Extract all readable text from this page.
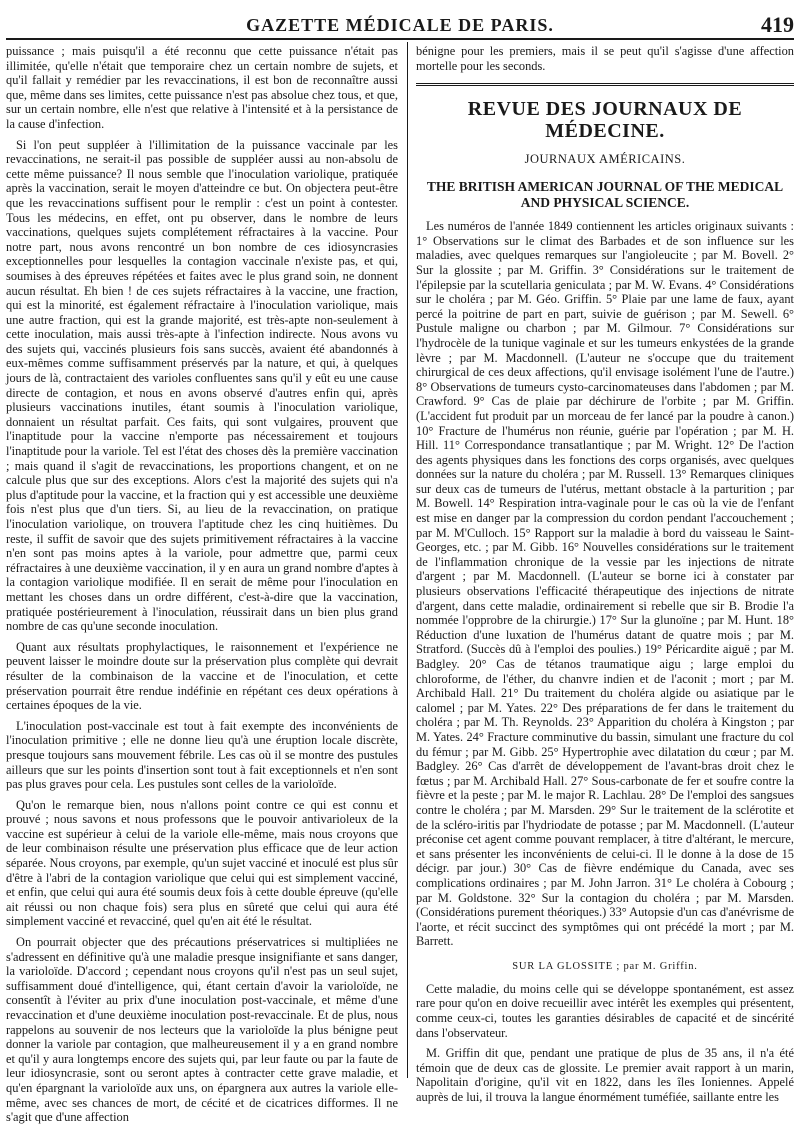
GAZETTE MÉDICALE DE PARIS.	419

puissance ; mais puisqu'il a été reconnu que cette puissance n'était pas illimitée, qu'elle n'était que temporaire chez un certain nombre de sujets, et qu'il fallait y remédier par les revaccinations, il est bon de reconnaître aussi que, même dans ses limites, cette puissance n'est pas absolue chez tous, et que, sur un certain nombre, elle n'est que relative à l'intensité et à la persistance de la cause d'infection.

Si l'on peut suppléer à l'illimitation de la puissance vaccinale par les revaccinations, ne serait-il pas possible de suppléer aussi au non-absolu de cette même puissance? Il nous semble que l'inoculation variolique, pratiquée après la vaccination, serait le moyen d'atteindre ce but. On objectera peut-être que les revaccinations suffisent pour le remplir : c'est un point à contester. Tous les médecins, en effet, ont pu observer, dans le nombre de leurs vaccinations, quelques sujets complétement réfractaires à la vaccine. Pour notre part, nous avons rencontré un bon nombre de ces idiosyncrasies exceptionnelles pour lesquelles la contagion vaccinale n'existe pas, et qui, soumises à des épreuves répétées et faites avec le plus grand soin, ne donnent aucun résultat. Eh bien ! de ces sujets réfractaires à la vaccine, une fraction, qui est la minorité, est également réfractaire à l'inoculation variolique, mais une autre fraction, qui est la grande majorité, est très-apte non-seulement à cette inoculation, mais aussi très-apte à l'infection indirecte. Nous avons vu des sujets qui, vaccinés plusieurs fois sans succès, avaient été abandonnés à eux-mêmes comme suffisamment préservés par la nature, et qui, à quelques jours de là, contractaient des varioles confluentes sans qu'il y eût eu une cause directe de contagion, et nous en avons observé d'autres enfin qui, après plusieurs vaccinations inutiles, étant soumis à l'inoculation variolique, donnaient un résultat parfait. Ces faits, qui sont vulgaires, prouvent que l'inaptitude pour la vaccine n'emporte pas nécessairement et toujours l'inaptitude pour la variole. Tel est l'état des choses dès la première vaccination ; mais quand il s'agit de revaccinations, les proportions changent, et on ne calcule plus que sur des exceptions. Alors c'est la majorité des sujets qui n'a plus d'aptitude pour la vaccine, et la fraction qui y est accessible une deuxième fois n'est plus que d'un tiers. Si, au lieu de la revaccination, on pratique l'inoculation variolique, on trouvera l'aptitude chez les cinq huitièmes. Du reste, il suffit de savoir que des sujets primitivement réfractaires à la vaccine n'en sont pas moins aptes à la variole, pour admettre que, parmi ceux réfractaires à une deuxième vaccination, il y en aura un grand nombre d'aptes à la contagion variolique modifiée. Il en serait de même pour l'inoculation en mettant les choses dans un ordre différent, c'est-à-dire que la vaccination, pratiquée postérieurement à l'inoculation, réussirait dans un bien plus grand nombre de cas qu'une seconde inoculation.

Quant aux résultats prophylactiques, le raisonnement et l'expérience ne peuvent laisser le moindre doute sur la préservation plus complète qui devrait résulter de la combinaison de la vaccine et de l'inoculation, et cette préservation pourrait être rendue indéfinie en répétant ces deux opérations à certaines époques de la vie.

L'inoculation post-vaccinale est tout à fait exempte des inconvénients de l'inoculation primitive ; elle ne donne lieu qu'à une éruption locale discrète, presque toujours sans mouvement fébrile. Les cas où il se montre des pustules ailleurs que sur les points d'insertion sont tout à fait exceptionnels et n'en sont pas plus graves pour cela. Les pustules sont celles de la varioloïde.

Qu'on le remarque bien, nous n'allons point contre ce qui est connu et prouvé ; nous savons et nous professons que le pouvoir antivarioleux de la vaccine est supérieur à celui de la variole elle-même, mais nous croyons que de leur combinaison résulte une préservation plus efficace que de leur action séparée. Nous croyons, par exemple, qu'un sujet vacciné et inoculé est plus sûr d'être à l'abri de la contagion variolique que celui qui est simplement vacciné, et enfin, que celui qui aura été soumis deux fois à cette double épreuve (qu'elle ait réussi ou non chaque fois) sera plus en sûreté que celui qui aura été simplement vacciné et revacciné, quel qu'en ait été le résultat.

On pourrait objecter que des précautions préservatrices si multipliées ne s'adressent en définitive qu'à une maladie presque insignifiante et sans danger, la varioloïde. D'accord ; cependant nous croyons qu'il n'est pas un seul sujet, suffisamment doué d'intelligence, qui, étant certain d'avoir la varioloïde, ne consentît à l'éviter au prix d'une inoculation post-vaccinale, et même d'une revaccination et d'une deuxième inoculation post-revaccinale. Et de plus, nous rappelons au souvenir de nos lecteurs que la varioloïde la plus bénigne peut donner la variole par contagion, que malheureusement il y a en grand nombre et qu'il y aura longtemps encore des sujets qui, par leur faute ou par la faute de leur idiosyncrasie, sont ou seront aptes à contracter cette grave maladie, et qu'en épargnant la varioloïde aux uns, on épargnera aux autres la variole elle-même, avec ses chances de mort, de cécité et de cicatrices difformes. Il ne s'agit que d'une affection

bénigne pour les premiers, mais il se peut qu'il s'agisse d'une affection mortelle pour les seconds.

REVUE DES JOURNAUX DE MÉDECINE.
JOURNAUX AMÉRICAINS.
THE BRITISH AMERICAN JOURNAL OF THE MEDICAL AND PHYSICAL SCIENCE.

Les numéros de l'année 1849 contiennent les articles originaux suivants : 1° Observations sur le climat des Barbades et de son influence sur les maladies, avec quelques remarques sur l'angioleucite ; par M. Bovell. 2° Sur la glossite ; par M. Griffin. 3° Considérations sur le traitement de l'épilepsie par la scutellaria geniculata ; par M. W. Evans. 4° Considérations sur le choléra ; par M. Géo. Griffin. 5° Plaie par une lame de faux, ayant percé la poitrine de part en part, suivie de guérison ; par M. Sewell. 6° Pustule maligne ou charbon ; par M. Gilmour. 7° Considérations sur l'hydrocèle de la tunique vaginale et sur les tumeurs enkystées de la grande lèvre ; par M. Macdonnell. (L'auteur ne s'occupe que du traitement chirurgical de ces deux affections, qu'il envisage isolément l'une de l'autre.) 8° Observations de tumeurs cysto-carcinomateuses dans l'abdomen ; par M. Crawford. 9° Cas de plaie par déchirure de l'orbite ; par M. Griffin. (L'accident fut produit par un morceau de fer lancé par la poudre à canon.) 10° Fracture de l'humérus non réunie, guérie par l'opération ; par M. H. Hill. 11° Correspondance transatlantique ; par M. Wright. 12° De l'action des agents physiques dans les fonctions des corps organisés, avec quelques données sur la nature du choléra ; par M. Russell. 13° Remarques cliniques sur deux cas de tumeurs de l'utérus, mettant obstacle à la parturition ; par M. Bowell. 14° Respiration intra-vaginale pour le cas où la vie de l'enfant est mise en danger par la compression du cordon pendant l'accouchement ; par M. M'Culloch. 15° Rapport sur la maladie à bord du vaisseau le Saint-Georges, etc. ; par M. Gibb. 16° Nouvelles considérations sur le traitement de l'inflammation chronique de la vessie par les injections de nitrate d'argent ; par M. Macdonnell. (L'auteur se borne ici à constater par plusieurs observations l'efficacité thérapeutique des injections de nitrate d'argent, dans cette maladie, ordinairement si rebelle que sir B. Brodie l'a nommée l'opprobre de la chirurgie.) 17° Sur la glunoïne ; par M. Hunt. 18° Réduction d'une luxation de l'humérus datant de quatre mois ; par M. Stratford. (Succès dû à l'emploi des poulies.) 19° Péricardite aiguë ; par M. Badgley. 20° Cas de tétanos traumatique aigu ; large emploi du chloroforme, de l'éther, du chanvre indien et de l'aconit ; mort ; par M. Archibald Hall. 21° Du traitement du choléra algide ou asiatique par le calomel ; par M. Yates. 22° Des préparations de fer dans le traitement du choléra ; par M. Th. Reynolds. 23° Apparition du choléra à Kingston ; par M. Yates. 24° Fracture comminutive du bassin, simulant une fracture du col du fémur ; par M. Gibb. 25° Hypertrophie avec dilatation du cœur ; par M. Badgley. 26° Cas d'arrêt de développement de l'avant-bras droit chez le fœtus ; par M. Archibald Hall. 27° Sous-carbonate de fer et soufre contre la fièvre et la peste ; par M. le major R. Lachlau. 28° De l'emploi des sangsues contre le choléra ; par M. Marsden. 29° Sur le traitement de la sclérotite et de la scléro-iritis par l'hydriodate de potasse ; par M. Macdonnell. (L'auteur préconise cet agent comme pouvant remplacer, à titre d'altérant, le mercure, et sans présenter les inconvénients de celui-ci. Il le donne à la dose de 15 décigr. par jour.) 30° Cas de fièvre endémique du Canada, avec ses complications ordinaires ; par M. John Jarron. 31° Le choléra à Cobourg ; par M. Goldstone. 32° Sur la contagion du choléra ; par M. Marsden. (Considérations purement théoriques.) 33° Autopsie d'un cas d'anévrisme de l'aorte, et récit succinct des symptômes qui ont précédé la mort ; par M. Barrett.

SUR LA GLOSSITE ; par M. Griffin.

Cette maladie, du moins celle qui se développe spontanément, est assez rare pour qu'on en doive recueillir avec intérêt les exemples qui présentent, comme ceux-ci, toutes les garanties désirables de capacité et de sincérité dans l'observateur.

M. Griffin dit que, pendant une pratique de plus de 35 ans, il n'a été témoin que de deux cas de glossite. Le premier avait rapport à un marin, Napolitain d'origine, qu'il vit en 1822, dans les îles Ioniennes. Appelé auprès de lui, il trouva la langue énormément tuméfiée, saillante entre les
